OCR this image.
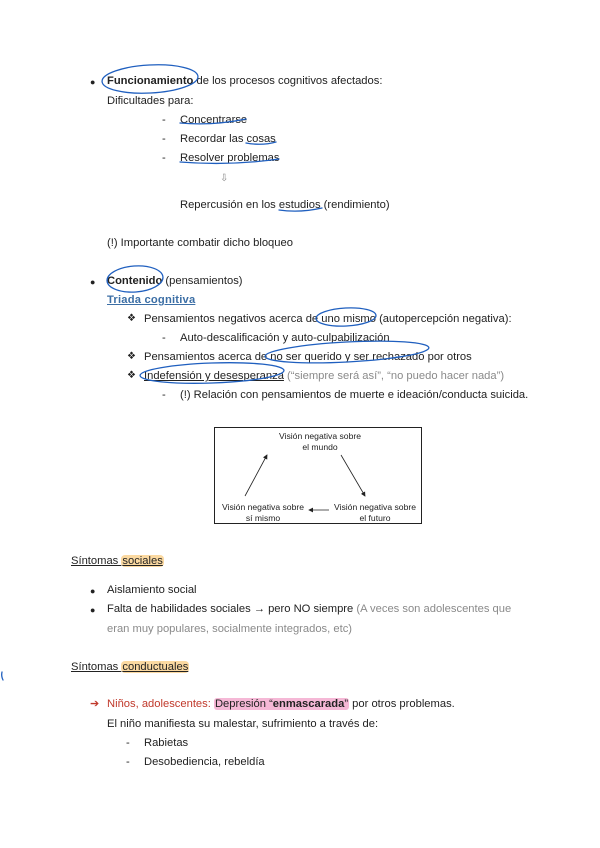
● Funcionamiento de los procesos cognitivos afectados:
Dificultades para:
- Concentrarse
- Recordar las cosas
- Resolver problemas
⇩
Repercusión en los estudios (rendimiento)
(!) Importante combatir dicho bloqueo
● Contenido (pensamientos)
Triada cognitiva
❖ Pensamientos negativos acerca de uno mismo (autopercepción negativa):
- Auto-descalificación y auto-culpabilización
❖ Pensamientos acerca de no ser querido y ser rechazado por otros
❖ Indefensión y desesperanza (“siempre será así”, “no puedo hacer nada”)
- (!) Relación con pensamientos de muerte e ideación/conducta suicida.
Visión negativa sobre
el mundo
Visión negativa sobre
sí mismo
Visión negativa sobre
el futuro
Síntomas sociales
● Aislamiento social
● Falta de habilidades sociales → pero NO siempre (A veces son adolescentes que
eran muy populares, socialmente integrados, etc)
Síntomas conductuales
➔ Niños, adolescentes: Depresión “enmascarada” por otros problemas.
El niño manifiesta su malestar, sufrimiento a través de:
- Rabietas
- Desobediencia, rebeldía
